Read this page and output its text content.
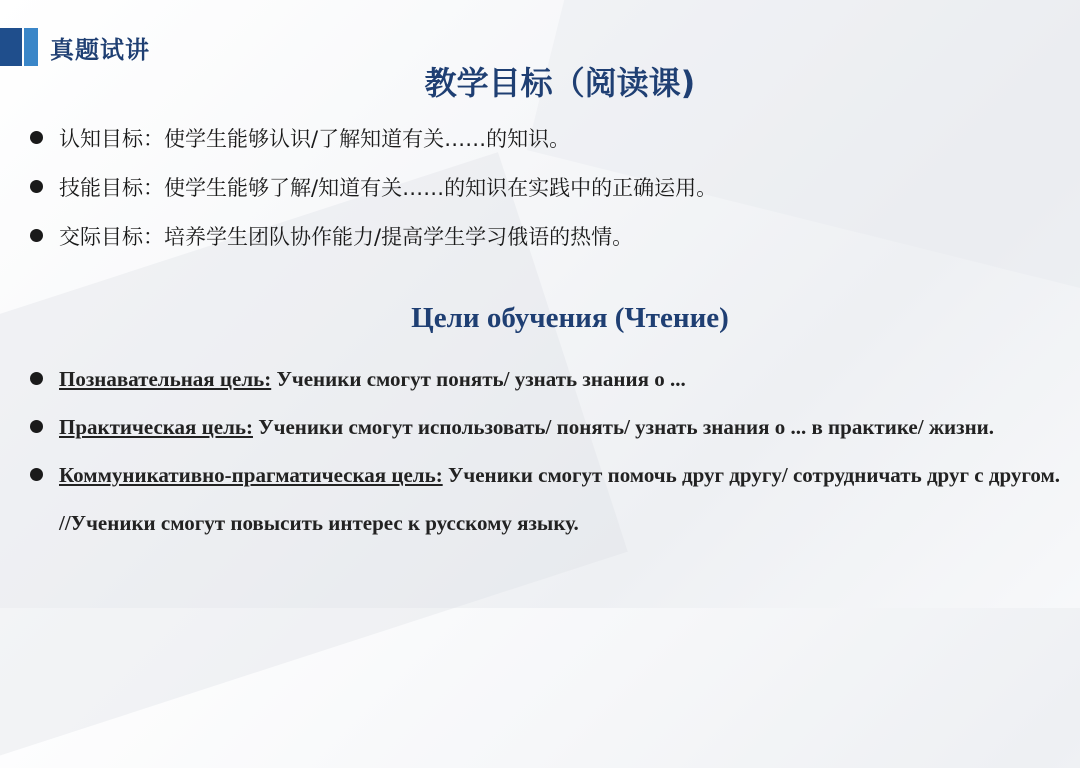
真题试讲
教学目标（阅读课)
认知目标：使学生能够认识/了解知道有关……的知识。
技能目标：使学生能够了解/知道有关……的知识在实践中的正确运用。
交际目标：培养学生团队协作能力/提高学生学习俄语的热情。
Цели обучения (Чтение)
Познавательная цель: Ученики смогут понять/ узнать знания о ...
Практическая цель: Ученики смогут использовать/ понять/ узнать знания о ... в практике/ жизни.
Коммуникативно-прагматическая цель: Ученики смогут помочь друг другу/ сотрудничать друг с другом. //Ученики смогут повысить интерес к русскому языку.
